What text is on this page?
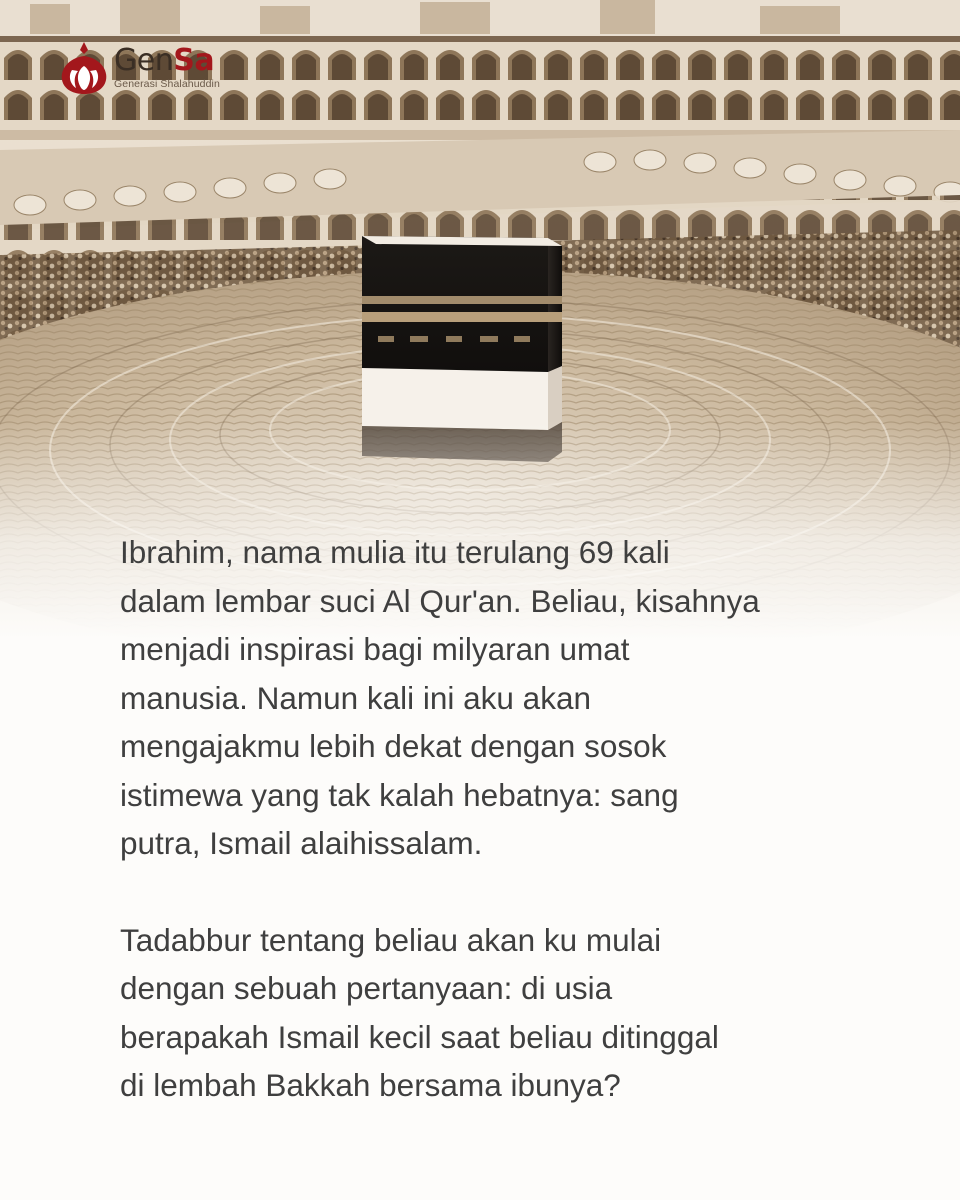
GenSa
Generasi Shalahuddin

Ibrahim, nama mulia itu terulang 69 kali
dalam lembar suci Al Qur'an. Beliau, kisahnya
menjadi inspirasi bagi milyaran umat
manusia. Namun kali ini aku akan
mengajakmu lebih dekat dengan sosok
istimewa yang tak kalah hebatnya: sang
putra, Ismail alaihissalam.

Tadabbur tentang beliau akan ku mulai
dengan sebuah pertanyaan: di usia
berapakah Ismail kecil saat beliau ditinggal
di lembah Bakkah bersama ibunya?
